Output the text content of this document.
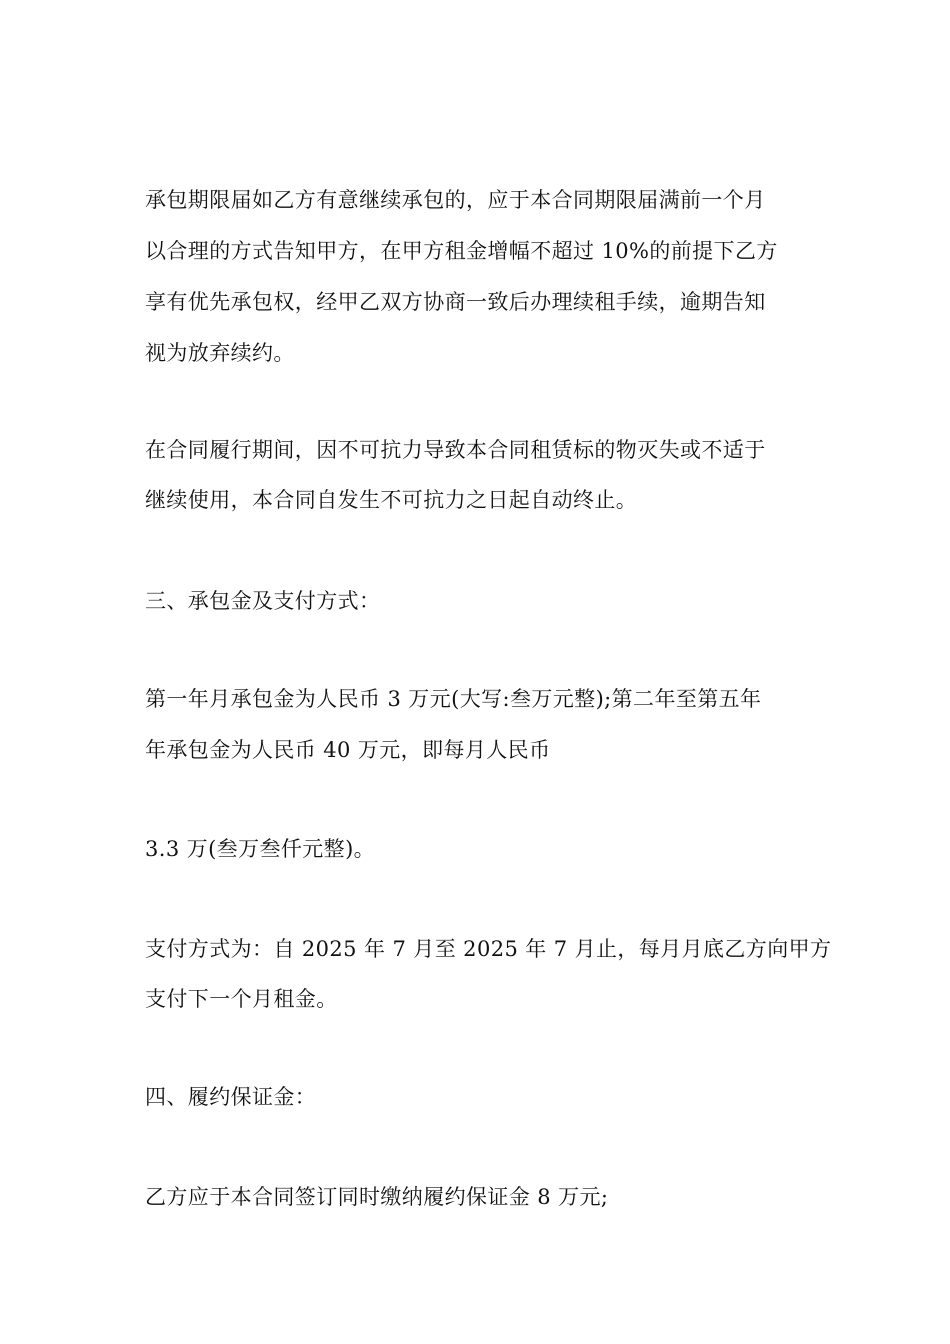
承包期限届如乙方有意继续承包的，应于本合同期限届满前一个月
以合理的方式告知甲方，在甲方租金增幅不超过 10%的前提下乙方
享有优先承包权，经甲乙双方协商一致后办理续租手续，逾期告知
视为放弃续约。
在合同履行期间，因不可抗力导致本合同租赁标的物灭失或不适于
继续使用，本合同自发生不可抗力之日起自动终止。
三、承包金及支付方式：
第一年月承包金为人民币 3 万元(大写:叁万元整);第二年至第五年
年承包金为人民币 40 万元，即每月人民币
3.3 万(叁万叁仟元整)。
支付方式为：自 2025 年 7 月至 2025 年 7 月止，每月月底乙方向甲方
支付下一个月租金。
四、履约保证金：
乙方应于本合同签订同时缴纳履约保证金 8 万元;
